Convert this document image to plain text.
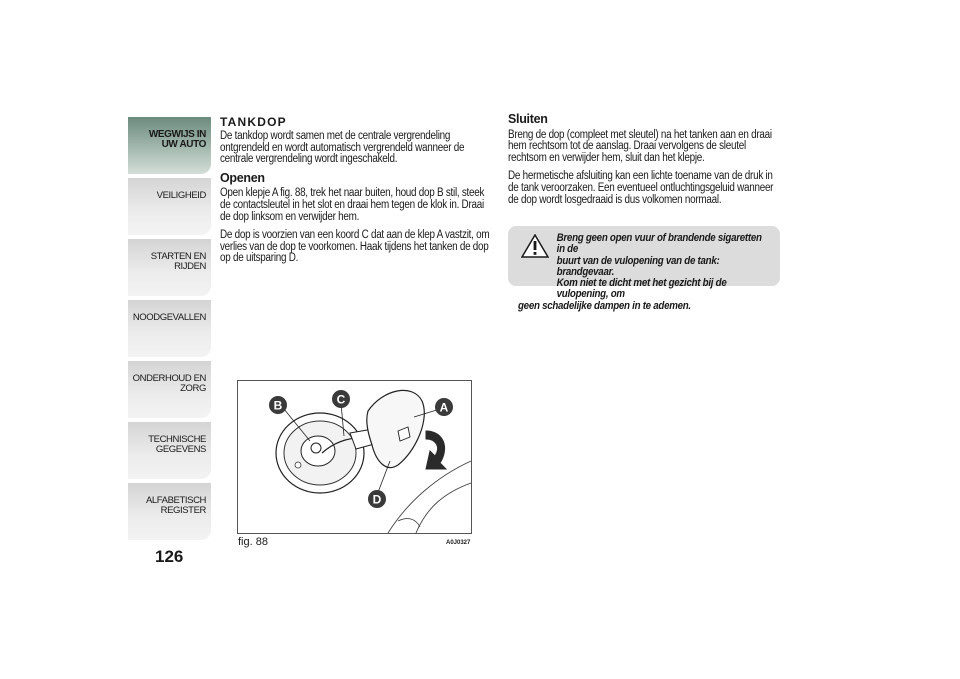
WEGWIJS IN UW AUTO
VEILIGHEID
STARTEN EN RIJDEN
NOODGEVALLEN
ONDERHOUD EN ZORG
TECHNISCHE GEGEVENS
ALFABETISCH REGISTER
126
TANKDOP

De tankdop wordt samen met de centrale vergrendeling ontgrendeld en wordt automatisch vergrendeld wanneer de centrale vergrendeling wordt ingeschakeld.

Openen

Open klepje A fig. 88, trek het naar buiten, houd dop B stil, steek de contactsleutel in het slot en draai hem tegen de klok in. Draai de dop linksom en verwijder hem.

De dop is voorzien van een koord C dat aan de klep A vastzit, om verlies van de dop te voorkomen. Haak tijdens het tanken de dop op de uitsparing D.

Sluiten

Breng de dop (compleet met sleutel) na het tanken aan en draai hem rechtsom tot de aanslag. Draai vervolgens de sleutel rechtsom en verwijder hem, sluit dan het klepje.

De hermetische afsluiting kan een lichte toename van de druk in de tank veroorzaken. Een eventueel ontluchtingsgeluid wanneer de dop wordt losgedraaid is dus volkomen normaal.

Breng geen open vuur of brandende sigaretten in de
buurt van de vulopening van de tank: brandgevaar.
Kom niet te dicht met het gezicht bij de vulopening, om
geen schadelijke dampen in te ademen.
B	C
A
D
fig. 88	A0J0327
